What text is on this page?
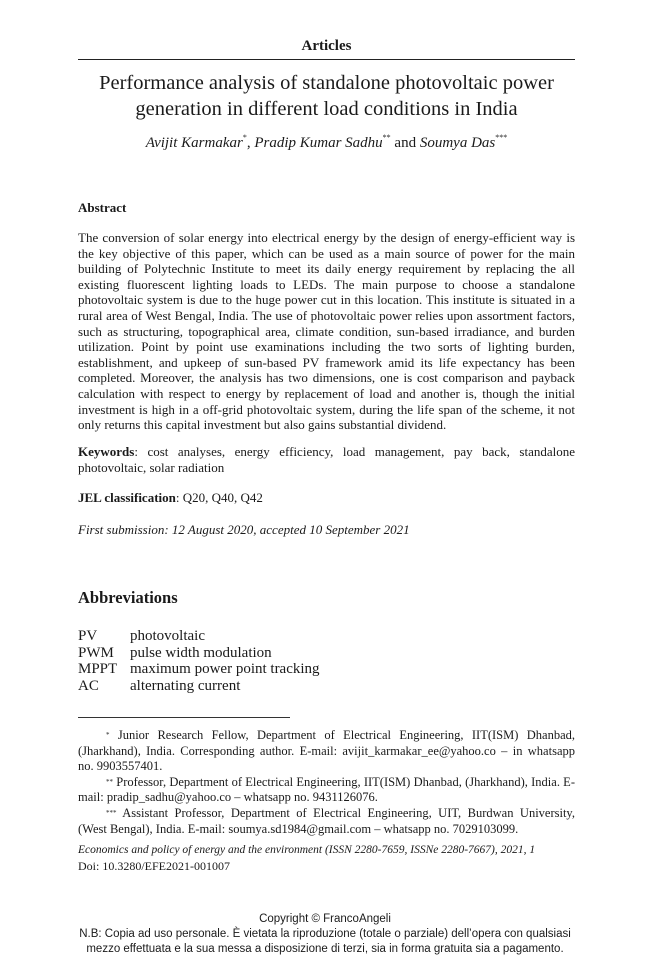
Articles
Performance analysis of standalone photovoltaic power generation in different load conditions in India
Avijit Karmakar*, Pradip Kumar Sadhu** and Soumya Das***
Abstract
The conversion of solar energy into electrical energy by the design of energy-efficient way is the key objective of this paper, which can be used as a main source of power for the main building of Polytechnic Institute to meet its daily energy requirement by replacing the all existing fluorescent lighting loads to LEDs. The main purpose to choose a standalone photovoltaic system is due to the huge power cut in this location. This institute is situated in a rural area of West Bengal, India. The use of photovoltaic power relies upon assortment factors, such as structuring, topographical area, climate condition, sun-based irradiance, and burden utilization. Point by point use examinations including the two sorts of lighting burden, establishment, and upkeep of sun-based PV framework amid its life expectancy has been completed. Moreover, the analysis has two dimensions, one is cost comparison and payback calculation with respect to energy by replacement of load and another is, though the initial investment is high in a off-grid photovoltaic system, during the life span of the scheme, it not only returns this capital investment but also gains substantial dividend.
Keywords: cost analyses, energy efficiency, load management, pay back, standalone photovoltaic, solar radiation
JEL classification: Q20, Q40, Q42
First submission: 12 August 2020, accepted 10 September 2021
Abbreviations
PV	photovoltaic
PWM	pulse width modulation
MPPT maximum power point tracking
AC	alternating current
* Junior Research Fellow, Department of Electrical Engineering, IIT(ISM) Dhanbad, (Jharkhand), India. Corresponding author. E-mail: avijit_karmakar_ee@yahoo.co – in whatsapp no. 9903557401.
** Professor, Department of Electrical Engineering, IIT(ISM) Dhanbad, (Jharkhand), India. E-mail: pradip_sadhu@yahoo.co – whatsapp no. 9431126076.
*** Assistant Professor, Department of Electrical Engineering, UIT, Burdwan University, (West Bengal), India. E-mail: soumya.sd1984@gmail.com – whatsapp no. 7029103099.
Economics and policy of energy and the environment (ISSN 2280-7659, ISSNe 2280-7667), 2021, 1
Doi: 10.3280/EFE2021-001007
Copyright © FrancoAngeli
N.B: Copia ad uso personale. È vietata la riproduzione (totale o parziale) dell’opera con qualsiasi
mezzo effettuata e la sua messa a disposizione di terzi, sia in forma gratuita sia a pagamento.
